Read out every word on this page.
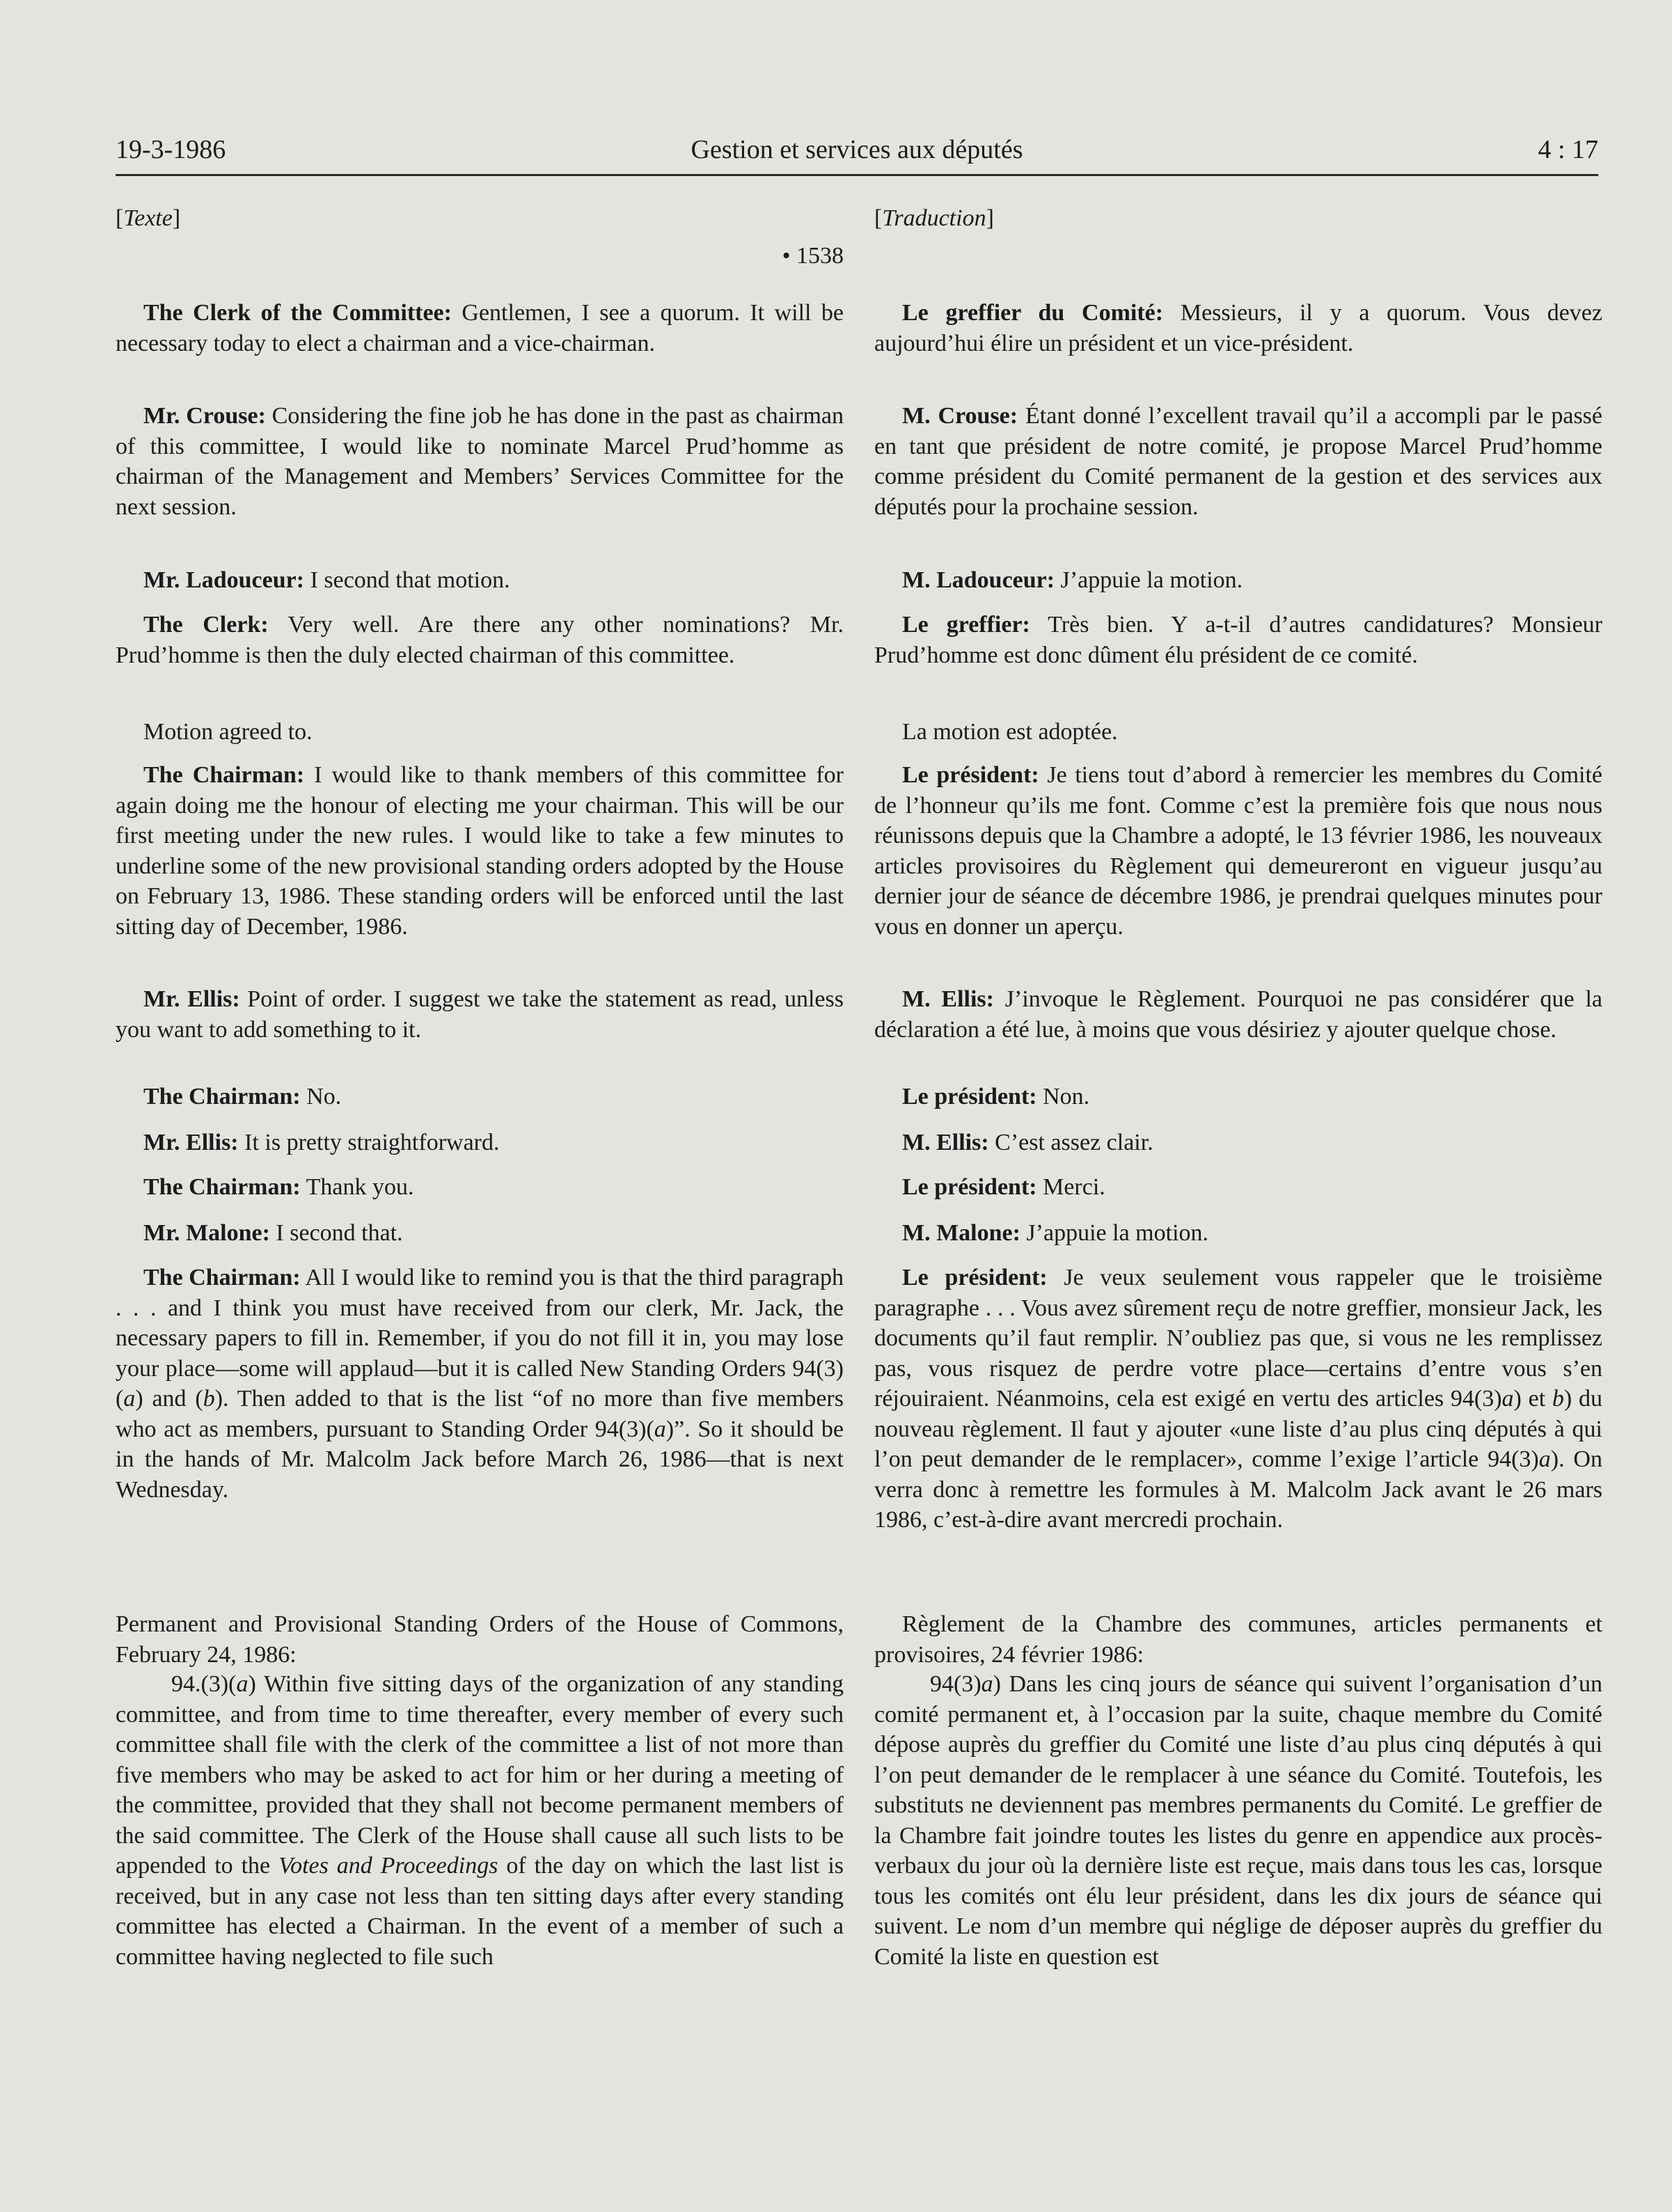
19-3-1986	Gestion et services aux députés	4 : 17
[Texte]
• 1538

The Clerk of the Committee: Gentlemen, I see a quorum. It will be necessary today to elect a chairman and a vice-chairman.

Mr. Crouse: Considering the fine job he has done in the past as chairman of this committee, I would like to nominate Marcel Prud’homme as chairman of the Management and Members’ Services Committee for the next session.

Mr. Ladouceur: I second that motion.

The Clerk: Very well. Are there any other nominations? Mr. Prud’homme is then the duly elected chairman of this committee.

Motion agreed to.

The Chairman: I would like to thank members of this committee for again doing me the honour of electing me your chairman. This will be our first meeting under the new rules. I would like to take a few minutes to underline some of the new provisional standing orders adopted by the House on February 13, 1986. These standing orders will be enforced until the last sitting day of December, 1986.

Mr. Ellis: Point of order. I suggest we take the statement as read, unless you want to add something to it.

The Chairman: No.

Mr. Ellis: It is pretty straightforward.

The Chairman: Thank you.

Mr. Malone: I second that.

The Chairman: All I would like to remind you is that the third paragraph . . . and I think you must have received from our clerk, Mr. Jack, the necessary papers to fill in. Remember, if you do not fill it in, you may lose your place—some will applaud—but it is called New Standing Orders 94(3)(a) and (b). Then added to that is the list “of no more than five members who act as members, pursuant to Standing Order 94(3)(a)”. So it should be in the hands of Mr. Malcolm Jack before March 26, 1986—that is next Wednesday.

Permanent and Provisional Standing Orders of the House of Commons, February 24, 1986:

94.(3)(a) Within five sitting days of the organization of any standing committee, and from time to time thereafter, every member of every such committee shall file with the clerk of the committee a list of not more than five members who may be asked to act for him or her during a meeting of the committee, provided that they shall not become permanent members of the said committee. The Clerk of the House shall cause all such lists to be appended to the Votes and Proceedings of the day on which the last list is received, but in any case not less than ten sitting days after every standing committee has elected a Chairman. In the event of a member of such a committee having neglected to file such

[Traduction]

Le greffier du Comité: Messieurs, il y a quorum. Vous devez aujourd’hui élire un président et un vice-président.

M. Crouse: Étant donné l’excellent travail qu’il a accompli par le passé en tant que président de notre comité, je propose Marcel Prud’homme comme président du Comité permanent de la gestion et des services aux députés pour la prochaine session.

M. Ladouceur: J’appuie la motion.

Le greffier: Très bien. Y a-t-il d’autres candidatures? Monsieur Prud’homme est donc dûment élu président de ce comité.

La motion est adoptée.

Le président: Je tiens tout d’abord à remercier les membres du Comité de l’honneur qu’ils me font. Comme c’est la première fois que nous nous réunissons depuis que la Chambre a adopté, le 13 février 1986, les nouveaux articles provisoires du Règlement qui demeureront en vigueur jusqu’au dernier jour de séance de décembre 1986, je prendrai quelques minutes pour vous en donner un aperçu.

M. Ellis: J’invoque le Règlement. Pourquoi ne pas considérer que la déclaration a été lue, à moins que vous désiriez y ajouter quelque chose.

Le président: Non.

M. Ellis: C’est assez clair.

Le président: Merci.

M. Malone: J’appuie la motion.

Le président: Je veux seulement vous rappeler que le troisième paragraphe . . . Vous avez sûrement reçu de notre greffier, monsieur Jack, les documents qu’il faut remplir. N’oubliez pas que, si vous ne les remplissez pas, vous risquez de perdre votre place—certains d’entre vous s’en réjouiraient. Néanmoins, cela est exigé en vertu des articles 94(3)a) et b) du nouveau règlement. Il faut y ajouter «une liste d’au plus cinq députés à qui l’on peut demander de le remplacer», comme l’exige l’article 94(3)a). On verra donc à remettre les formules à M. Malcolm Jack avant le 26 mars 1986, c’est-à-dire avant mercredi prochain.

Règlement de la Chambre des communes, articles permanents et provisoires, 24 février 1986:

94(3)a) Dans les cinq jours de séance qui suivent l’organisation d’un comité permanent et, à l’occasion par la suite, chaque membre du Comité dépose auprès du greffier du Comité une liste d’au plus cinq députés à qui l’on peut demander de le remplacer à une séance du Comité. Toutefois, les substituts ne deviennent pas membres permanents du Comité. Le greffier de la Chambre fait joindre toutes les listes du genre en appendice aux procès-verbaux du jour où la dernière liste est reçue, mais dans tous les cas, lorsque tous les comités ont élu leur président, dans les dix jours de séance qui suivent. Le nom d’un membre qui néglige de déposer auprès du greffier du Comité la liste en question est
